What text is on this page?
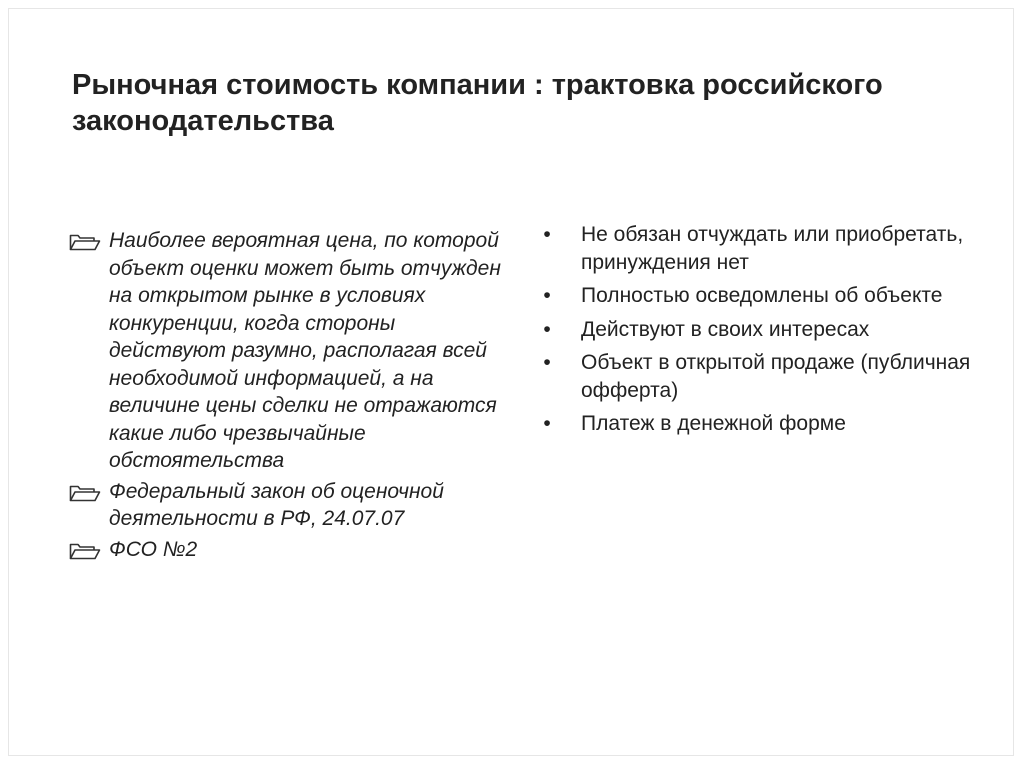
Рыночная стоимость компании : трактовка российского законодательства
Наиболее вероятная цена, по которой объект оценки может быть отчужден на открытом рынке в условиях конкуренции, когда стороны действуют разумно, располагая всей необходимой информацией, а на величине цены сделки не отражаются какие либо чрезвычайные обстоятельства
Федеральный закон об оценочной деятельности в РФ, 24.07.07
ФСО №2
• Не обязан отчуждать или приобретать, принуждения нет
• Полностью осведомлены об объекте
• Действуют в своих интересах
• Объект в открытой продаже (публичная офферта)
• Платеж в денежной форме
